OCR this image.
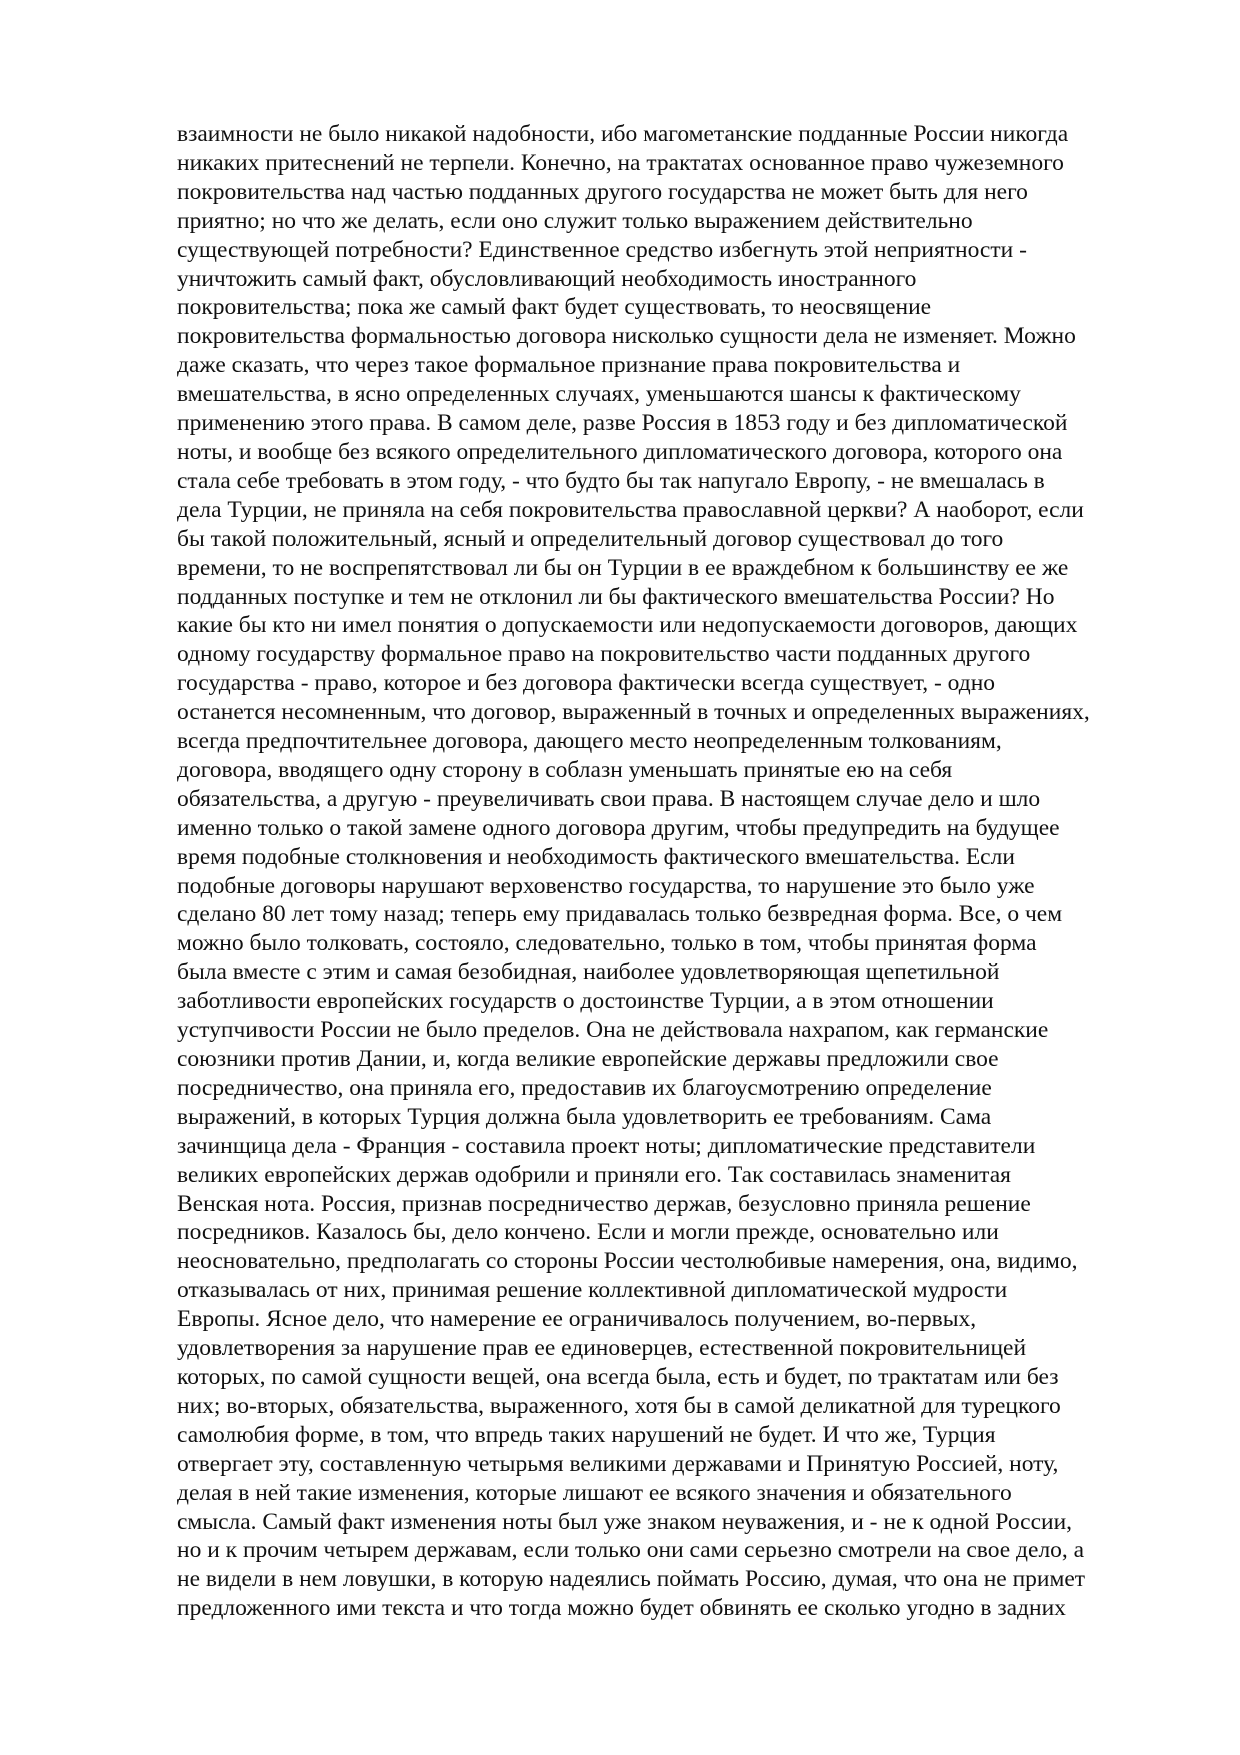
взаимности не было никакой надобности, ибо магометанские подданные России никогда
никаких притеснений не терпели. Конечно, на трактатах основанное право чужеземного
покровительства над частью подданных другого государства не может быть для него
приятно; но что же делать, если оно служит только выражением действительно
существующей потребности? Единственное средство избегнуть этой неприятности -
уничтожить самый факт, обусловливающий необходимость иностранного
покровительства; пока же самый факт будет существовать, то неосвящение
покровительства формальностью договора нисколько сущности дела не изменяет. Можно
даже сказать, что через такое формальное признание права покровительства и
вмешательства, в ясно определенных случаях, уменьшаются шансы к фактическому
применению этого права. В самом деле, разве Россия в 1853 году и без дипломатической
ноты, и вообще без всякого определительного дипломатического договора, которого она
стала себе требовать в этом году, - что будто бы так напугало Европу, - не вмешалась в
дела Турции, не приняла на себя покровительства православной церкви? А наоборот, если
бы такой положительный, ясный и определительный договор существовал до того
времени, то не воспрепятствовал ли бы он Турции в ее враждебном к большинству ее же
подданных поступке и тем не отклонил ли бы фактического вмешательства России? Но
какие бы кто ни имел понятия о допускаемости или недопускаемости договоров, дающих
одному государству формальное право на покровительство части подданных другого
государства - право, которое и без договора фактически всегда существует, - одно
останется несомненным, что договор, выраженный в точных и определенных выражениях,
всегда предпочтительнее договора, дающего место неопределенным толкованиям,
договора, вводящего одну сторону в соблазн уменьшать принятые ею на себя
обязательства, а другую - преувеличивать свои права. В настоящем случае дело и шло
именно только о такой замене одного договора другим, чтобы предупредить на будущее
время подобные столкновения и необходимость фактического вмешательства. Если
подобные договоры нарушают верховенство государства, то нарушение это было уже
сделано 80 лет тому назад; теперь ему придавалась только безвредная форма. Все, о чем
можно было толковать, состояло, следовательно, только в том, чтобы принятая форма
была вместе с этим и самая безобидная, наиболее удовлетворяющая щепетильной
заботливости европейских государств о достоинстве Турции, а в этом отношении
уступчивости России не было пределов. Она не действовала нахрапом, как германские
союзники против Дании, и, когда великие европейские державы предложили свое
посредничество, она приняла его, предоставив их благоусмотрению определение
выражений, в которых Турция должна была удовлетворить ее требованиям. Сама
зачинщица дела - Франция - составила проект ноты; дипломатические представители
великих европейских держав одобрили и приняли его. Так составилась знаменитая
Венская нота. Россия, признав посредничество держав, безусловно приняла решение
посредников. Казалось бы, дело кончено. Если и могли прежде, основательно или
неосновательно, предполагать со стороны России честолюбивые намерения, она, видимо,
отказывалась от них, принимая решение коллективной дипломатической мудрости
Европы. Ясное дело, что намерение ее ограничивалось получением, во-первых,
удовлетворения за нарушение прав ее единоверцев, естественной покровительницей
которых, по самой сущности вещей, она всегда была, есть и будет, по трактатам или без
них; во-вторых, обязательства, выраженного, хотя бы в самой деликатной для турецкого
самолюбия форме, в том, что впредь таких нарушений не будет. И что же, Турция
отвергает эту, составленную четырьмя великими державами и Принятую Россией, ноту,
делая в ней такие изменения, которые лишают ее всякого значения и обязательного
смысла. Самый факт изменения ноты был уже знаком неуважения, и - не к одной России,
но и к прочим четырем державам, если только они сами серьезно смотрели на свое дело, а
не видели в нем ловушки, в которую надеялись поймать Россию, думая, что она не примет
предложенного ими текста и что тогда можно будет обвинять ее сколько угодно в задних
